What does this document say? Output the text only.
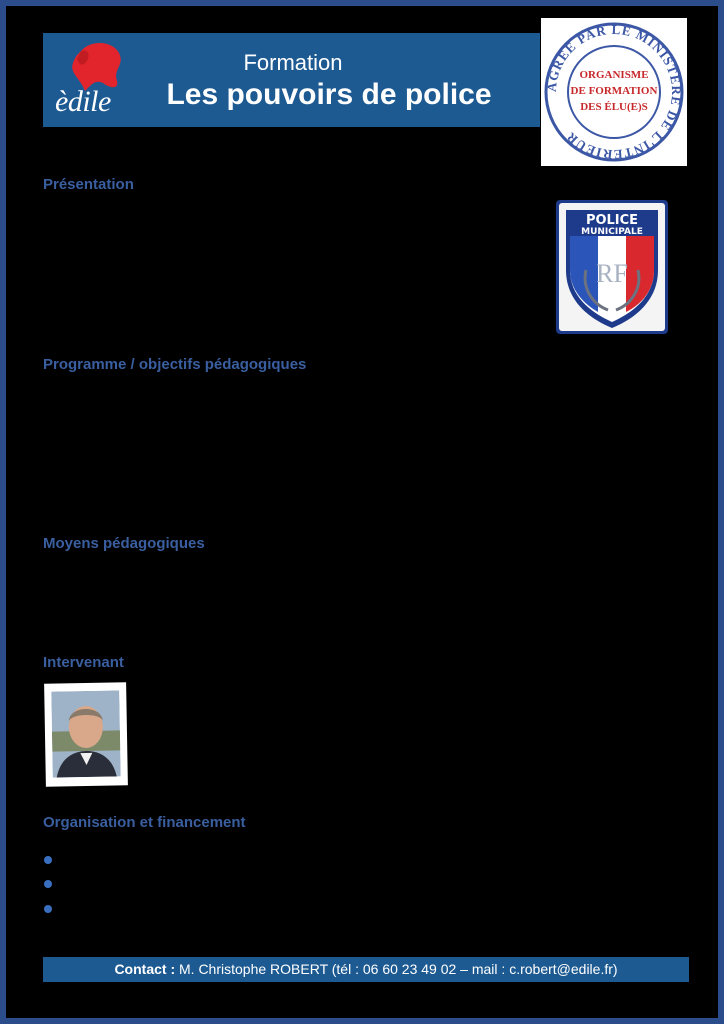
èdile
Formation
Les pouvoirs de police	AGRÉÉ PAR LE MINISTÈRE DE L'INTÉRIEUR
ORGANISME
DE FORMATION
DES ÉLU(E)S
POLICE
MUNICIPALE
RF
Présentation
Programme / objectifs pédagogiques
Moyens pédagogiques
Intervenant
Organisation et financement
Contact : M. Christophe ROBERT (tél : 06 60 23 49 02 – mail : c.robert@edile.fr)
